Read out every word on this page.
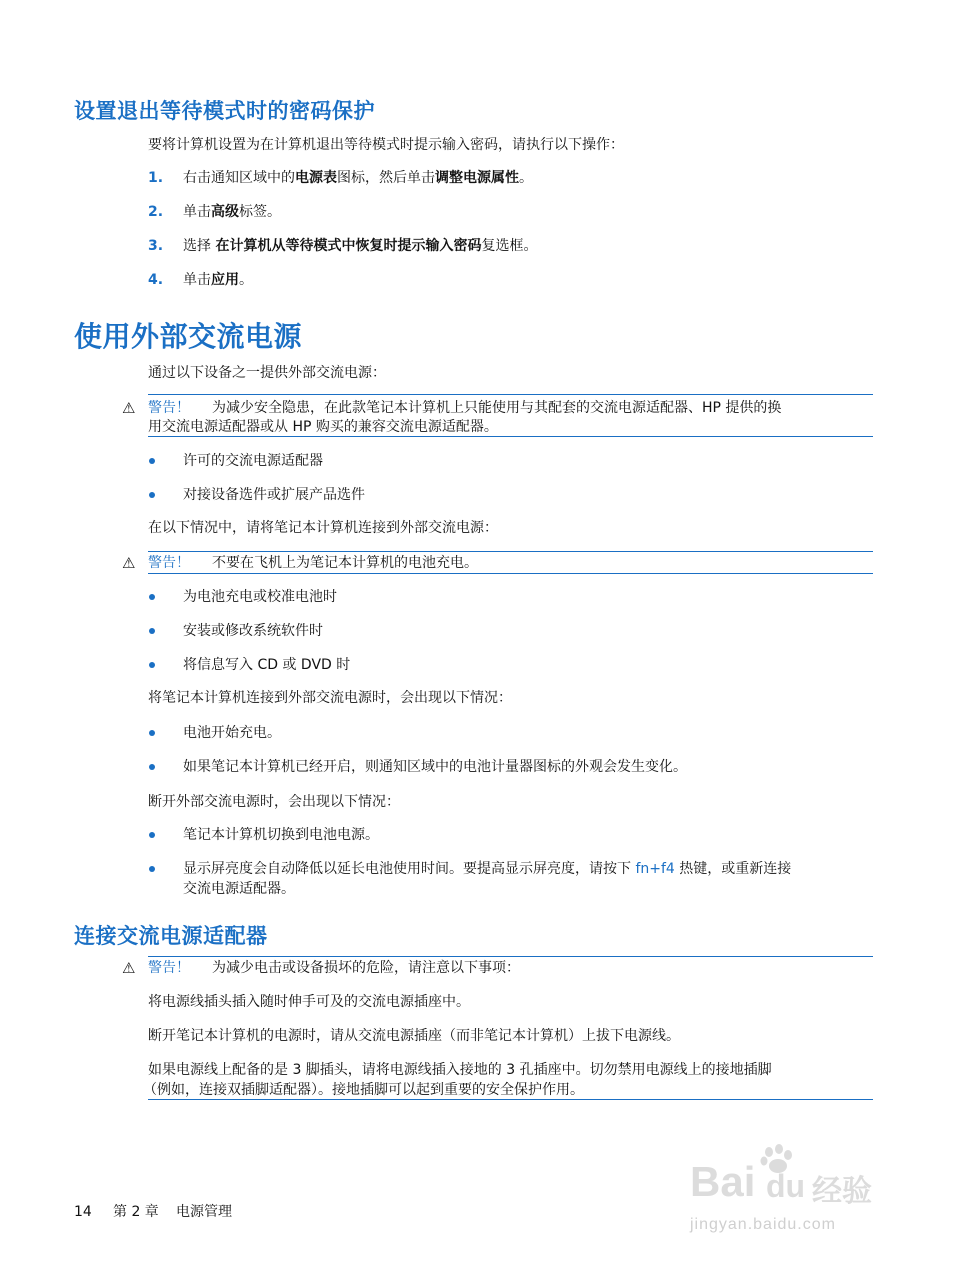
设置退出等待模式时的密码保护
要将计算机设置为在计算机退出等待模式时提示输入密码，请执行以下操作：
1. 右击通知区域中的电源表图标，然后单击调整电源属性。
2. 单击高级标签。
3. 选择 在计算机从等待模式中恢复时提示输入密码复选框。
4. 单击应用。
使用外部交流电源
通过以下设备之一提供外部交流电源：
⚠ 警告！ 为减少安全隐患，在此款笔记本计算机上只能使用与其配套的交流电源适配器、HP 提供的换
用交流电源适配器或从 HP 购买的兼容交流电源适配器。
许可的交流电源适配器
对接设备选件或扩展产品选件
在以下情况中，请将笔记本计算机连接到外部交流电源：
⚠ 警告！ 不要在飞机上为笔记本计算机的电池充电。
为电池充电或校准电池时
安装或修改系统软件时
将信息写入 CD 或 DVD 时
将笔记本计算机连接到外部交流电源时，会出现以下情况：
电池开始充电。
如果笔记本计算机已经开启，则通知区域中的电池计量器图标的外观会发生变化。
断开外部交流电源时，会出现以下情况：
笔记本计算机切换到电池电源。
显示屏亮度会自动降低以延长电池使用时间。要提高显示屏亮度，请按下 fn+f4 热键，或重新连接
交流电源适配器。
连接交流电源适配器
⚠ 警告！ 为减少电击或设备损坏的危险，请注意以下事项：
将电源线插头插入随时伸手可及的交流电源插座中。
断开笔记本计算机的电源时，请从交流电源插座（而非笔记本计算机）上拔下电源线。
如果电源线上配备的是 3 脚插头，请将电源线插入接地的 3 孔插座中。切勿禁用电源线上的接地插脚
（例如，连接双插脚适配器）。接地插脚可以起到重要的安全保护作用。
14 第 2 章 电源管理
Bai du 经验
jingyan.baidu.com
